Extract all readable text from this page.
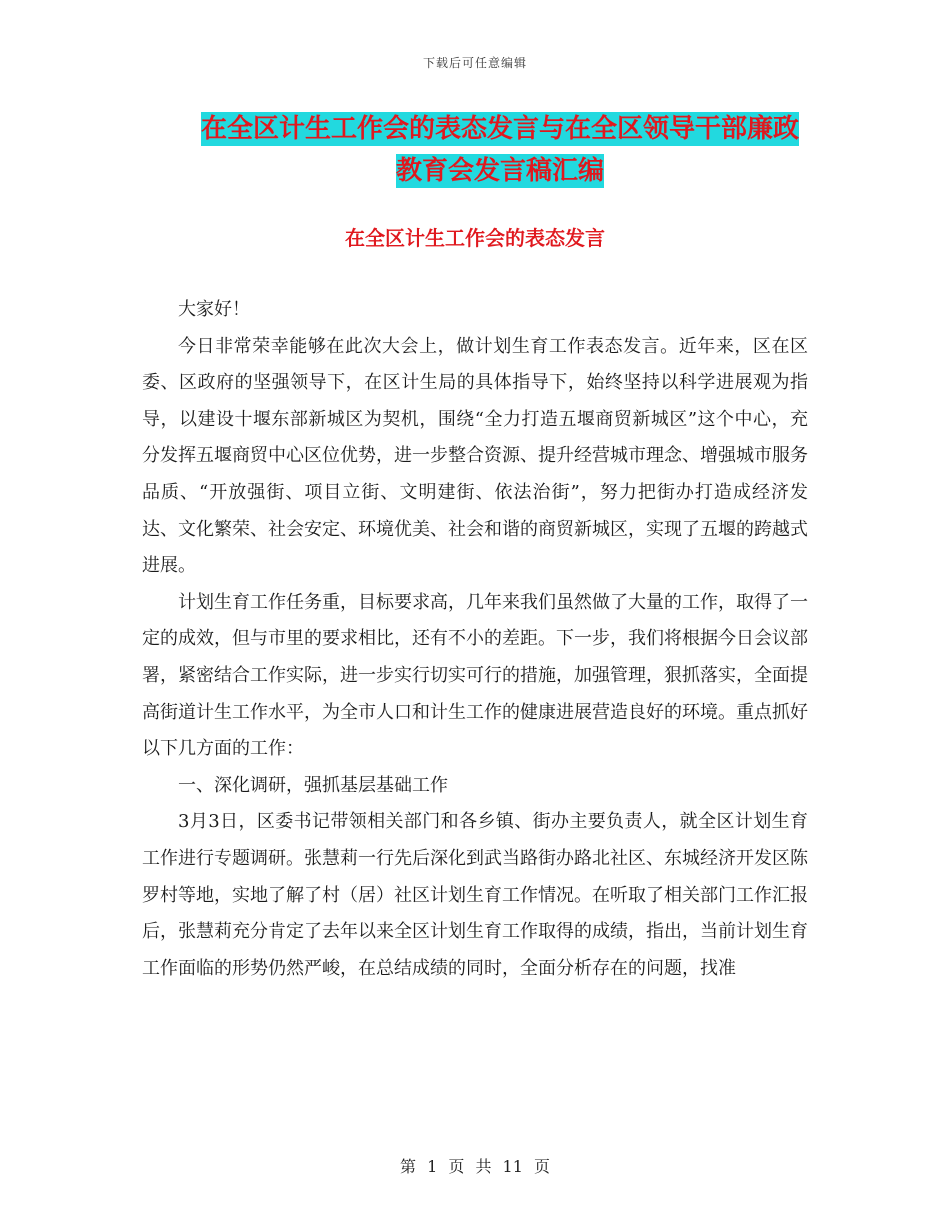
下载后可任意编辑
在全区计生工作会的表态发言与在全区领导干部廉政
教育会发言稿汇编
在全区计生工作会的表态发言

大家好！

今日非常荣幸能够在此次大会上，做计划生育工作表态发言。近年来，区在区委、区政府的坚强领导下，在区计生局的具体指导下，始终坚持以科学进展观为指导，以建设十堰东部新城区为契机，围绕“全力打造五堰商贸新城区”这个中心，充分发挥五堰商贸中心区位优势，进一步整合资源、提升经营城市理念、增强城市服务品质、“开放强街、项目立街、文明建街、依法治街”，努力把街办打造成经济发达、文化繁荣、社会安定、环境优美、社会和谐的商贸新城区，实现了五堰的跨越式进展。

计划生育工作任务重，目标要求高，几年来我们虽然做了大量的工作，取得了一定的成效，但与市里的要求相比，还有不小的差距。下一步，我们将根据今日会议部署，紧密结合工作实际，进一步实行切实可行的措施，加强管理，狠抓落实，全面提高街道计生工作水平，为全市人口和计生工作的健康进展营造良好的环境。重点抓好以下几方面的工作：

一、深化调研，强抓基层基础工作

3月3日，区委书记带领相关部门和各乡镇、街办主要负责人，就全区计划生育工作进行专题调研。张慧莉一行先后深化到武当路街办路北社区、东城经济开发区陈罗村等地，实地了解了村（居）社区计划生育工作情况。在听取了相关部门工作汇报后，张慧莉充分肯定了去年以来全区计划生育工作取得的成绩，指出，当前计划生育工作面临的形势仍然严峻，在总结成绩的同时，全面分析存在的问题，找准

第 1 页 共 11 页
